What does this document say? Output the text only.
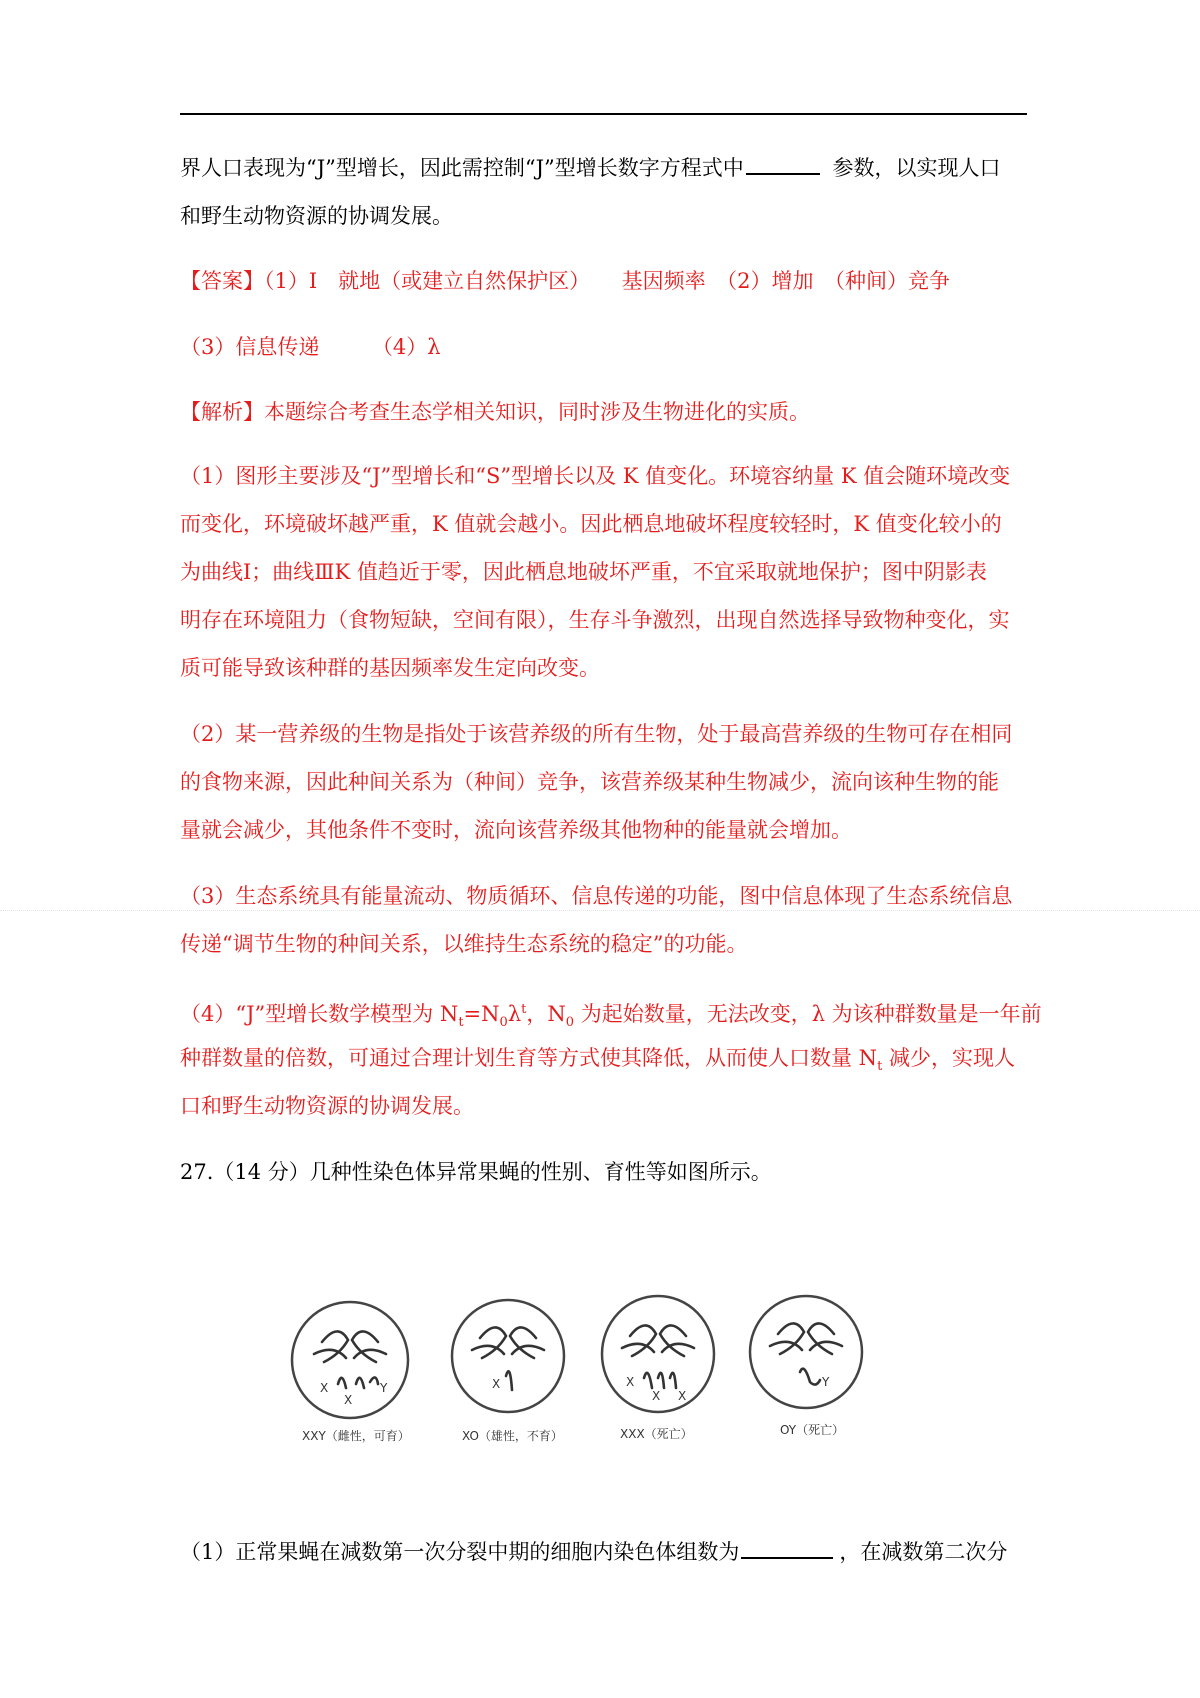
界人口表现为“J”型增长，因此需控制“J”型增长数字方程式中	参数，以实现人口
和野生动物资源的协调发展。
【答案】（1）Ⅰ　就地（或建立自然保护区）　　基因频率　（2）增加　（种间）竞争
（3）信息传递　　　（4）λ
【解析】本题综合考查生态学相关知识，同时涉及生物进化的实质。
（1）图形主要涉及“J”型增长和“S”型增长以及 K 值变化。环境容纳量 K 值会随环境改变
而变化，环境破坏越严重，K 值就会越小。因此栖息地破坏程度较轻时，K 值变化较小的
为曲线Ⅰ；曲线ⅢK 值趋近于零，因此栖息地破坏严重，不宜采取就地保护；图中阴影表
明存在环境阻力（食物短缺，空间有限），生存斗争激烈，出现自然选择导致物种变化，实
质可能导致该种群的基因频率发生定向改变。
（2）某一营养级的生物是指处于该营养级的所有生物，处于最高营养级的生物可存在相同
的食物来源，因此种间关系为（种间）竞争，该营养级某种生物减少，流向该种生物的能
量就会减少，其他条件不变时，流向该营养级其他物种的能量就会增加。
（3）生态系统具有能量流动、物质循环、信息传递的功能，图中信息体现了生态系统信息
传递“调节生物的种间关系，以维持生态系统的稳定”的功能。
（4）“J”型增长数学模型为 $N_t=N_0\lambda^t$，$N_0$ 为起始数量，无法改变，λ 为该种群数量是一年前
种群数量的倍数，可通过合理计划生育等方式使其降低，从而使人口数量 $N_t$ 减少，实现人
口和野生动物资源的协调发展。
27.（14 分）几种性染色体异常果蝇的性别、育性等如图所示。
X
X
Y
XXY（雌性，可育）
X
XO（雄性，不育）
X
X X
XXX（死亡）
Y
OY（死亡）
（1）正常果蝇在减数第一次分裂中期的细胞内染色体组数为	，在减数第二次分
